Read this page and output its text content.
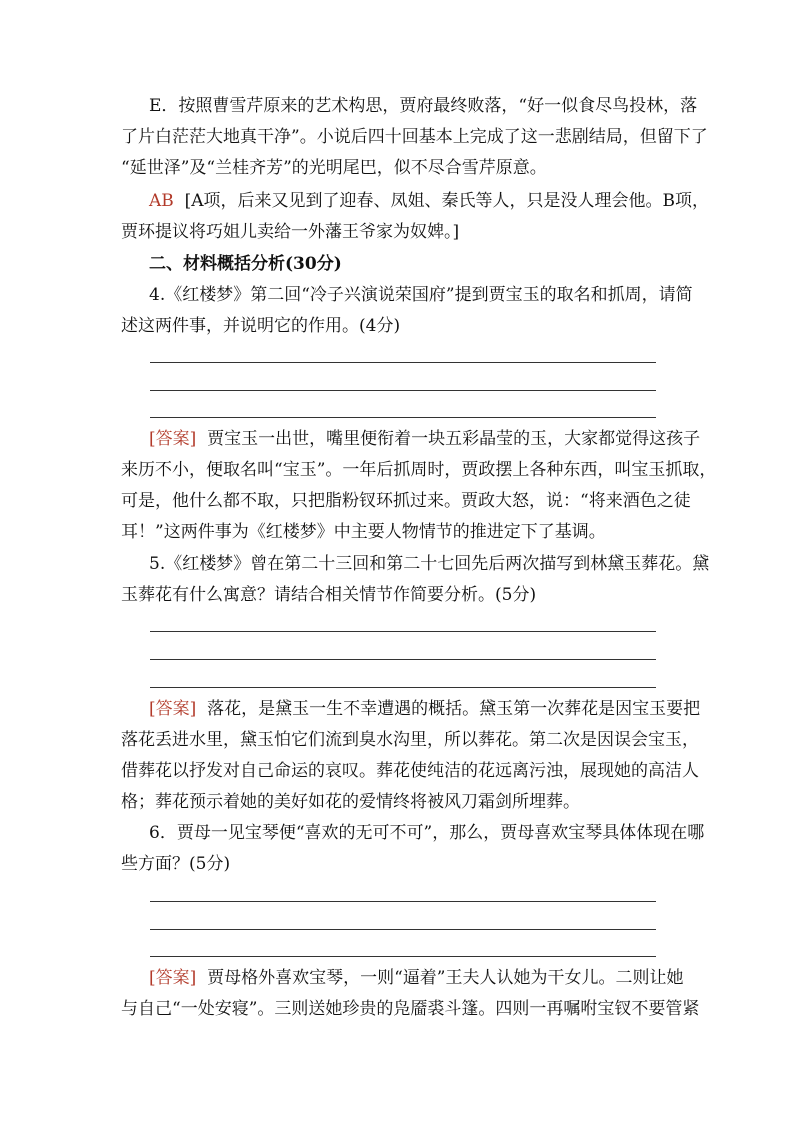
E．按照曹雪芹原来的艺术构思，贾府最终败落，“好一似食尽鸟投林，落
了片白茫茫大地真干净”。小说后四十回基本上完成了这一悲剧结局，但留下了
“延世泽”及“兰桂齐芳”的光明尾巴，似不尽合雪芹原意。
AB [A项，后来又见到了迎春、凤姐、秦氏等人，只是没人理会他。B项，
贾环提议将巧姐儿卖给一外藩王爷家为奴婢。]
二、材料概括分析(30分)
4.《红楼梦》第二回“冷子兴演说荣国府”提到贾宝玉的取名和抓周，请简
述这两件事，并说明它的作用。(4分)
[答案] 贾宝玉一出世，嘴里便衔着一块五彩晶莹的玉，大家都觉得这孩子
来历不小，便取名叫“宝玉”。一年后抓周时，贾政摆上各种东西，叫宝玉抓取，
可是，他什么都不取，只把脂粉钗环抓过来。贾政大怒，说：“将来酒色之徒
耳！”这两件事为《红楼梦》中主要人物情节的推进定下了基调。
5.《红楼梦》曾在第二十三回和第二十七回先后两次描写到林黛玉葬花。黛
玉葬花有什么寓意？请结合相关情节作简要分析。(5分)
[答案] 落花，是黛玉一生不幸遭遇的概括。黛玉第一次葬花是因宝玉要把
落花丢进水里，黛玉怕它们流到臭水沟里，所以葬花。第二次是因误会宝玉，
借葬花以抒发对自己命运的哀叹。葬花使纯洁的花远离污浊，展现她的高洁人
格；葬花预示着她的美好如花的爱情终将被风刀霜剑所埋葬。
6．贾母一见宝琴便“喜欢的无可不可”，那么，贾母喜欢宝琴具体体现在哪
些方面？(5分)
[答案] 贾母格外喜欢宝琴，一则“逼着”王夫人认她为干女儿。二则让她
与自己“一处安寝”。三则送她珍贵的凫靥裘斗篷。四则一再嘱咐宝钗不要管紧
